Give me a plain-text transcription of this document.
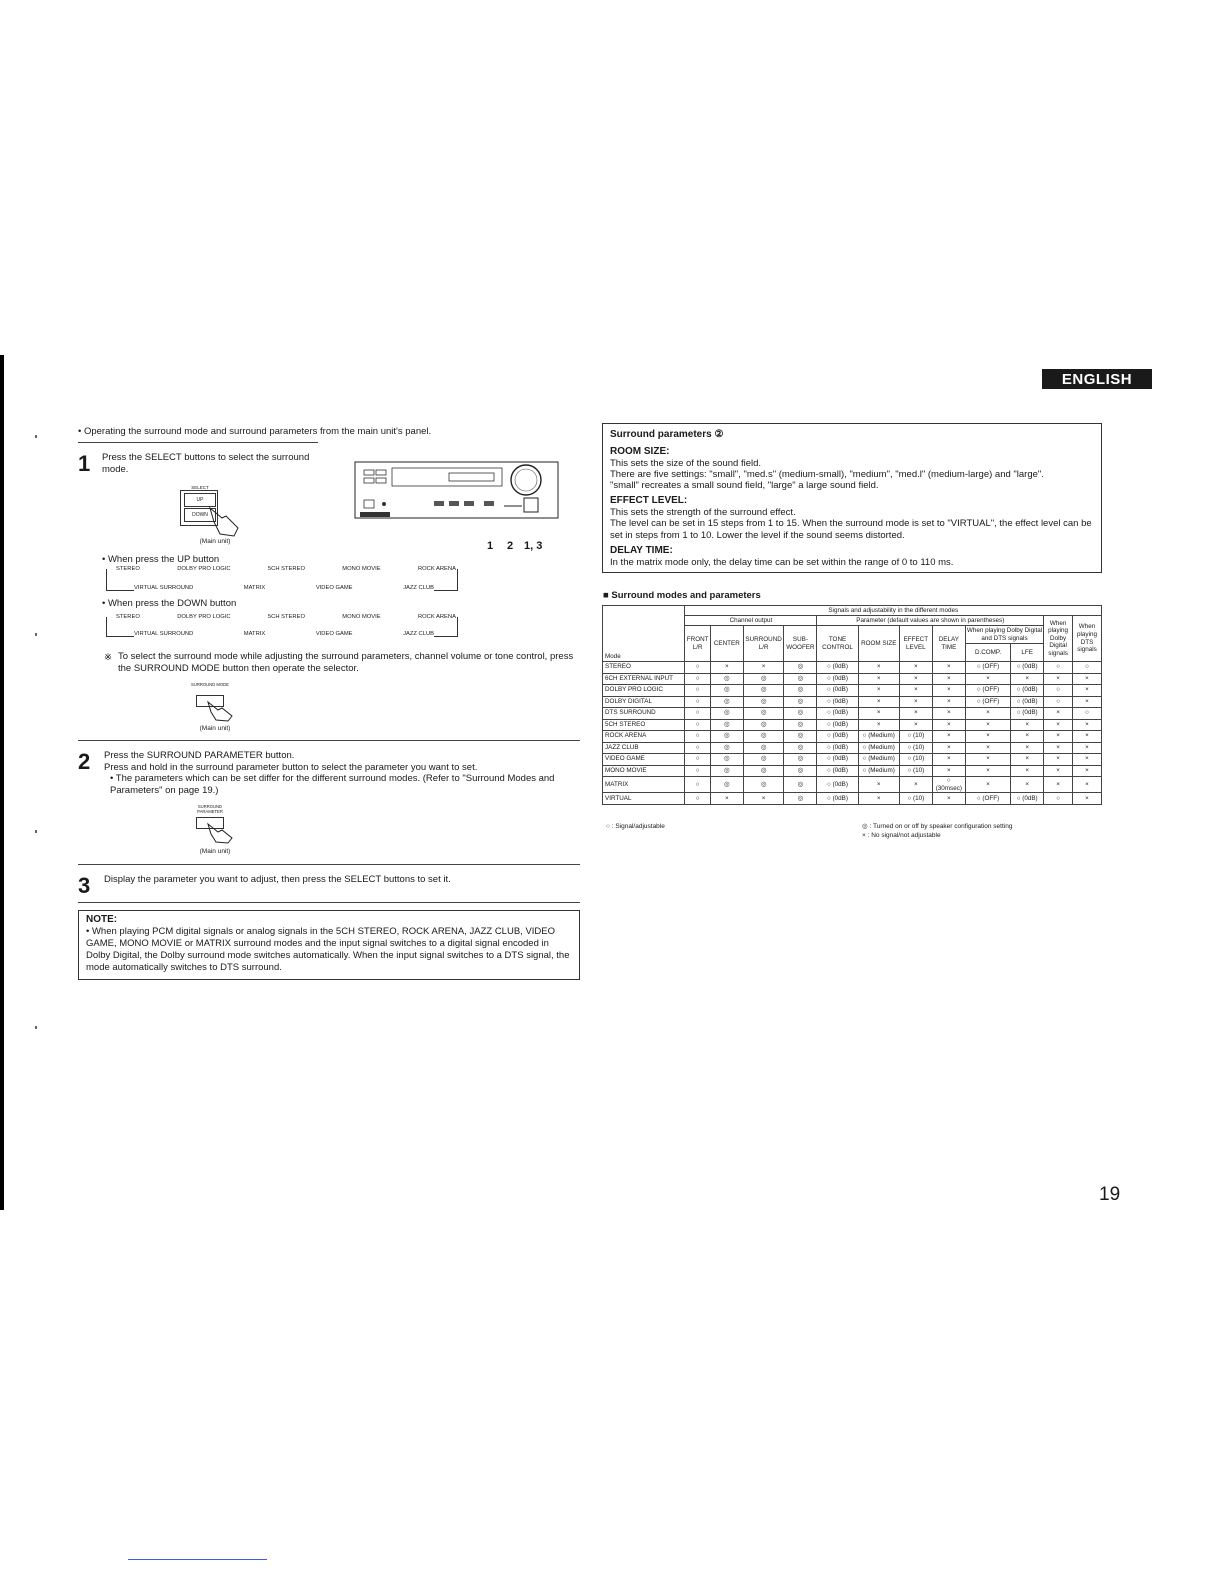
ENGLISH
• Operating the surround mode and surround parameters from the main unit's panel.
1 Press the SELECT buttons to select the surround mode.
SELECT
UP
DOWN
(Main unit)	1 2 1, 3
• When press the UP button
STEREO	DOLBY PRO LOGIC	5CH STEREO	MONO MOVIE	ROCK ARENA
VIRTUAL SURROUND	MATRIX	VIDEO GAME	JAZZ CLUB
• When press the DOWN button
STEREO	DOLBY PRO LOGIC	5CH STEREO	MONO MOVIE	ROCK ARENA
VIRTUAL SURROUND	MATRIX	VIDEO GAME	JAZZ CLUB
※ To select the surround mode while adjusting the surround parameters, channel volume or tone control, press the SURROUND MODE button then operate the selector.
SURROUND MODE
(Main unit)
2 Press the SURROUND PARAMETER button.
Press and hold in the surround parameter button to select the parameter you want to set.
• The parameters which can be set differ for the different surround modes. (Refer to "Surround Modes and Parameters" on page 19.)
SURROUND PARAMETER
(Main unit)
3 Display the parameter you want to adjust, then press the SELECT buttons to set it.
NOTE:
• When playing PCM digital signals or analog signals in the 5CH STEREO, ROCK ARENA, JAZZ CLUB, VIDEO GAME, MONO MOVIE or MATRIX surround modes and the input signal switches to a digital signal encoded in Dolby Digital, the Dolby surround mode switches automatically. When the input signal switches to a DTS signal, the mode automatically switches to DTS surround.
Surround parameters ②
ROOM SIZE:
This sets the size of the sound field.
There are five settings: "small", "med.s" (medium-small), "medium", "med.l" (medium-large) and "large".
"small" recreates a small sound field, "large" a large sound field.
EFFECT LEVEL:
This sets the strength of the surround effect.
The level can be set in 15 steps from 1 to 15. When the surround mode is set to "VIRTUAL", the effect level can be set in steps from 1 to 10. Lower the level if the sound seems distorted.
DELAY TIME:
In the matrix mode only, the delay time can be set within the range of 0 to 110 ms.
■ Surround modes and parameters
Mode	Signals and adjustability in the different modes											
	Channel output				Parameter (default values are shown in parentheses)						When playing Dolby Digital signals	When playing DTS signals
	FRONT L/R	CENTER	SURROUND L/R	SUB-WOOFER	TONE CONTROL	ROOM SIZE	EFFECT LEVEL	DELAY TIME	When playing Dolby Digital and DTS signals			
									D.COMP.	LFE		
STEREO	○	×	×	◎	○ (0dB)	×	×	×	○ (OFF)	○ (0dB)	○	○
6CH EXTERNAL INPUT	○	◎	◎	◎	○ (0dB)	×	×	×	×	×	×	×
DOLBY PRO LOGIC	○	◎	◎	◎	○ (0dB)	×	×	×	○ (OFF)	○ (0dB)	○	×
DOLBY DIGITAL	○	◎	◎	◎	○ (0dB)	×	×	×	○ (OFF)	○ (0dB)	○	×
DTS SURROUND	○	◎	◎	◎	○ (0dB)	×	×	×	×	○ (0dB)	×	○
5CH STEREO	○	◎	◎	◎	○ (0dB)	×	×	×	×	×	×	×
ROCK ARENA	○	◎	◎	◎	○ (0dB)	○ (Medium)	○ (10)	×	×	×	×	×
JAZZ CLUB	○	◎	◎	◎	○ (0dB)	○ (Medium)	○ (10)	×	×	×	×	×
VIDEO GAME	○	◎	◎	◎	○ (0dB)	○ (Medium)	○ (10)	×	×	×	×	×
MONO MOVIE	○	◎	◎	◎	○ (0dB)	○ (Medium)	○ (10)	×	×	×	×	×
MATRIX	○	◎	◎	◎	○ (0dB)	×	×	○ (30msec)	×	×	×	×
VIRTUAL	○	×	×	◎	○ (0dB)	×	○ (10)	×	○ (OFF)	○ (0dB)	○	×
○ : Signal/adjustable	◎ : Turned on or off by speaker configuration setting
× : No signal/not adjustable
19
